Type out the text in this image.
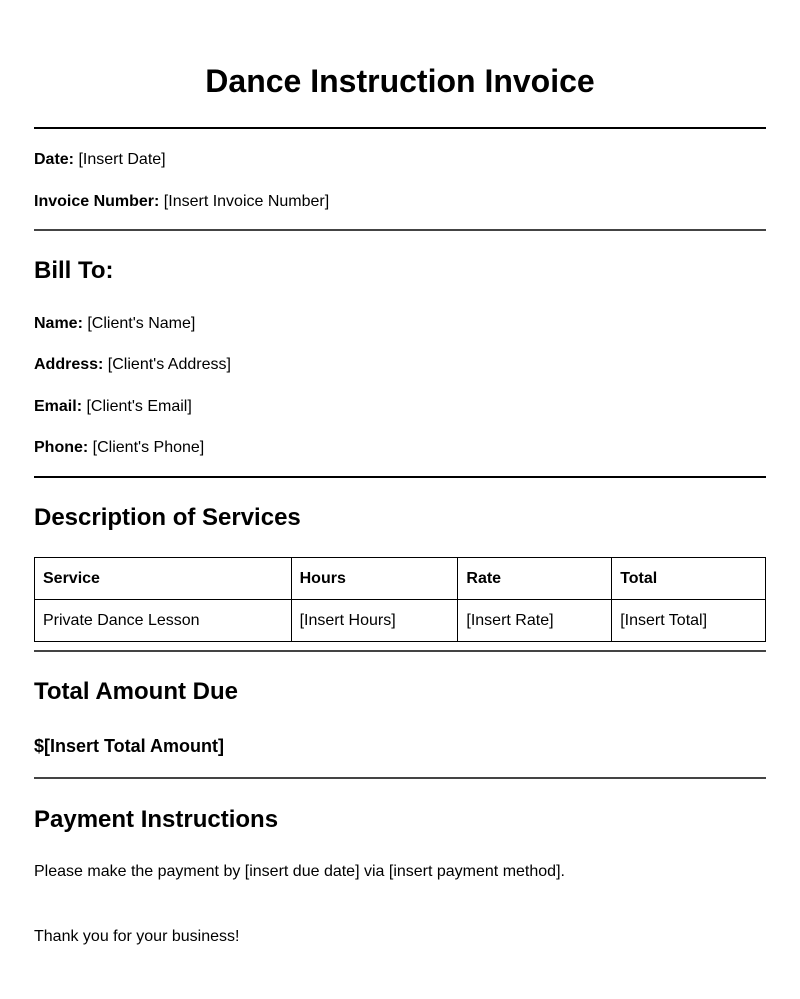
Dance Instruction Invoice
Date: [Insert Date]
Invoice Number: [Insert Invoice Number]
Bill To:
Name: [Client's Name]
Address: [Client's Address]
Email: [Client's Email]
Phone: [Client's Phone]
Description of Services
Service	Hours	Rate	Total
Private Dance Lesson	[Insert Hours]	[Insert Rate]	[Insert Total]
Total Amount Due
$[Insert Total Amount]
Payment Instructions
Please make the payment by [insert due date] via [insert payment method].
Thank you for your business!
